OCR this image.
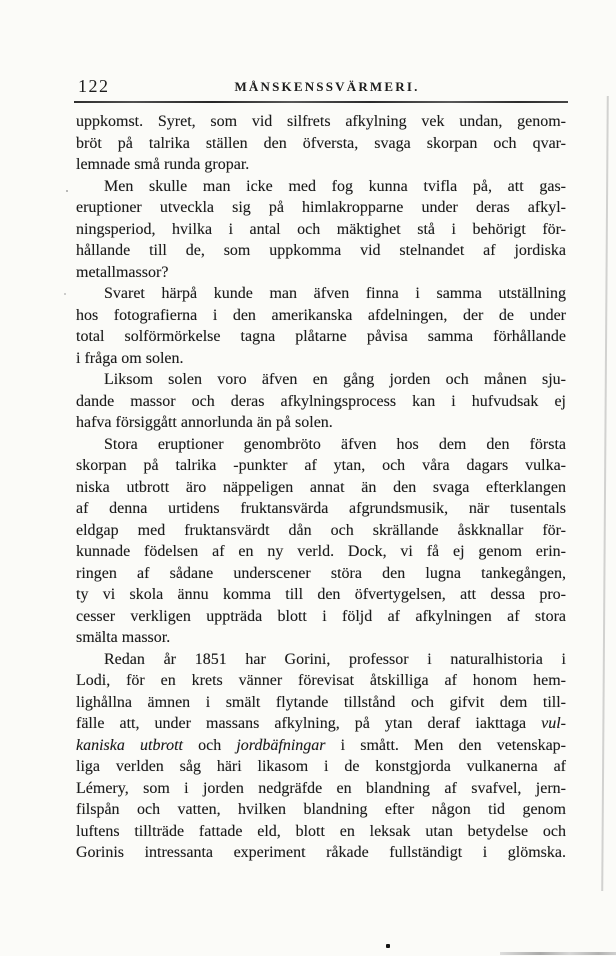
122	MÅNSKENSSVÄRMERI.
uppkomst. Syret, som vid silfrets afkylning vek undan, genom-
bröt på talrika ställen den öfversta, svaga skorpan och qvar-
lemnade små runda gropar.
Men skulle man icke med fog kunna tvifla på, att gas-
eruptioner utveckla sig på himlakropparne under deras afkyl-
ningsperiod, hvilka i antal och mäktighet stå i behörigt för-
hållande till de, som uppkomma vid stelnandet af jordiska
metallmassor?
Svaret härpå kunde man äfven finna i samma utställning
hos fotografierna i den amerikanska afdelningen, der de under
total solförmörkelse tagna plåtarne påvisa samma förhållande
i fråga om solen.
Liksom solen voro äfven en gång jorden och månen sju-
dande massor och deras afkylningsprocess kan i hufvudsak ej
hafva försiggått annorlunda än på solen.
Stora eruptioner genombröto äfven hos dem den första
skorpan på talrika -punkter af ytan, och våra dagars vulka-
niska utbrott äro näppeligen annat än den svaga efterklangen
af denna urtidens fruktansvärda afgrundsmusik, när tusentals
eldgap med fruktansvärdt dån och skrällande åskknallar för-
kunnade födelsen af en ny verld. Dock, vi få ej genom erin-
ringen af sådane underscener störa den lugna tankegången,
ty vi skola ännu komma till den öfvertygelsen, att dessa pro-
cesser verkligen uppträda blott i följd af afkylningen af stora
smälta massor.
Redan år 1851 har Gorini, professor i naturalhistoria i
Lodi, för en krets vänner förevisat åtskilliga af honom hem-
lighållna ämnen i smält flytande tillstånd och gifvit dem till-
fälle att, under massans afkylning, på ytan deraf iakttaga vul-
kaniska utbrott och jordbäfningar i smått. Men den vetenskap-
liga verlden såg häri likasom i de konstgjorda vulkanerna af
Lémery, som i jorden nedgräfde en blandning af svafvel, jern-
filspån och vatten, hvilken blandning efter någon tid genom
luftens tillträde fattade eld, blott en leksak utan betydelse och
Gorinis intressanta experiment råkade fullständigt i glömska.
